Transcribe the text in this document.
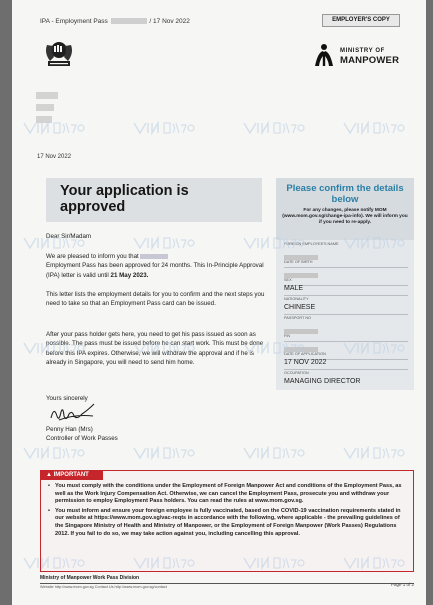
IPA - Employment Pass	/ 17 Nov 2022	EMPLOYER'S COPY
MINISTRY OF
MANPOWER
17 Nov 2022
Your application is approved
Dear Sir/Madam
We are pleased to inform you that
Employment Pass has been approved for 24 months. This In-Principle Approval (IPA) letter is valid until 21 May 2023.
This letter lists the employment details for you to confirm and the next steps you need to take so that an Employment Pass card can be issued.
After your pass holder gets here, you need to get his pass issued as soon as possible. The pass must be issued before he can start work. This must be done before this IPA expires. Otherwise, we will withdraw the approval and if he is already in Singapore, you will need to send him home.
Yours sincerely
Penny Han (Mrs)
Controller of Work Passes
Please confirm the details below
For any changes, please notify MOM (www.mom.gov.sg/change-ipa-info). We will inform you if you need to re-apply.
FOREIGN EMPLOYEE'S NAME
DATE OF BIRTH
SEX
MALE
NATIONALITY
CHINESE
PASSPORT NO
FIN
DATE OF APPLICATION
17 NOV 2022
OCCUPATION
MANAGING DIRECTOR
▲ IMPORTANT
• You must comply with the conditions under the Employment of Foreign Manpower Act and conditions of the Employment Pass, as well as the Work Injury Compensation Act. Otherwise, we can cancel the Employment Pass, prosecute you and withdraw your permission to employ Employment Pass holders. You can read the rules at www.mom.gov.sg.
• You must inform and ensure your foreign employee is fully vaccinated, based on the COVID-19 vaccination requirements stated in our website at https://www.mom.gov.sg/vac-reqts in accordance with the following, where applicable - the prevailing guidelines of the Singapore Ministry of Health and Ministry of Manpower, or the Employment of Foreign Manpower (Work Passes) Regulations 2012. If you fail to do so, we may take action against you, including cancelling this approval.
Ministry of Manpower Work Pass Division
Website http://www.mom.gov.sg Contact Us http://www.mom.gov.sg/contact	Page 1 of 2
